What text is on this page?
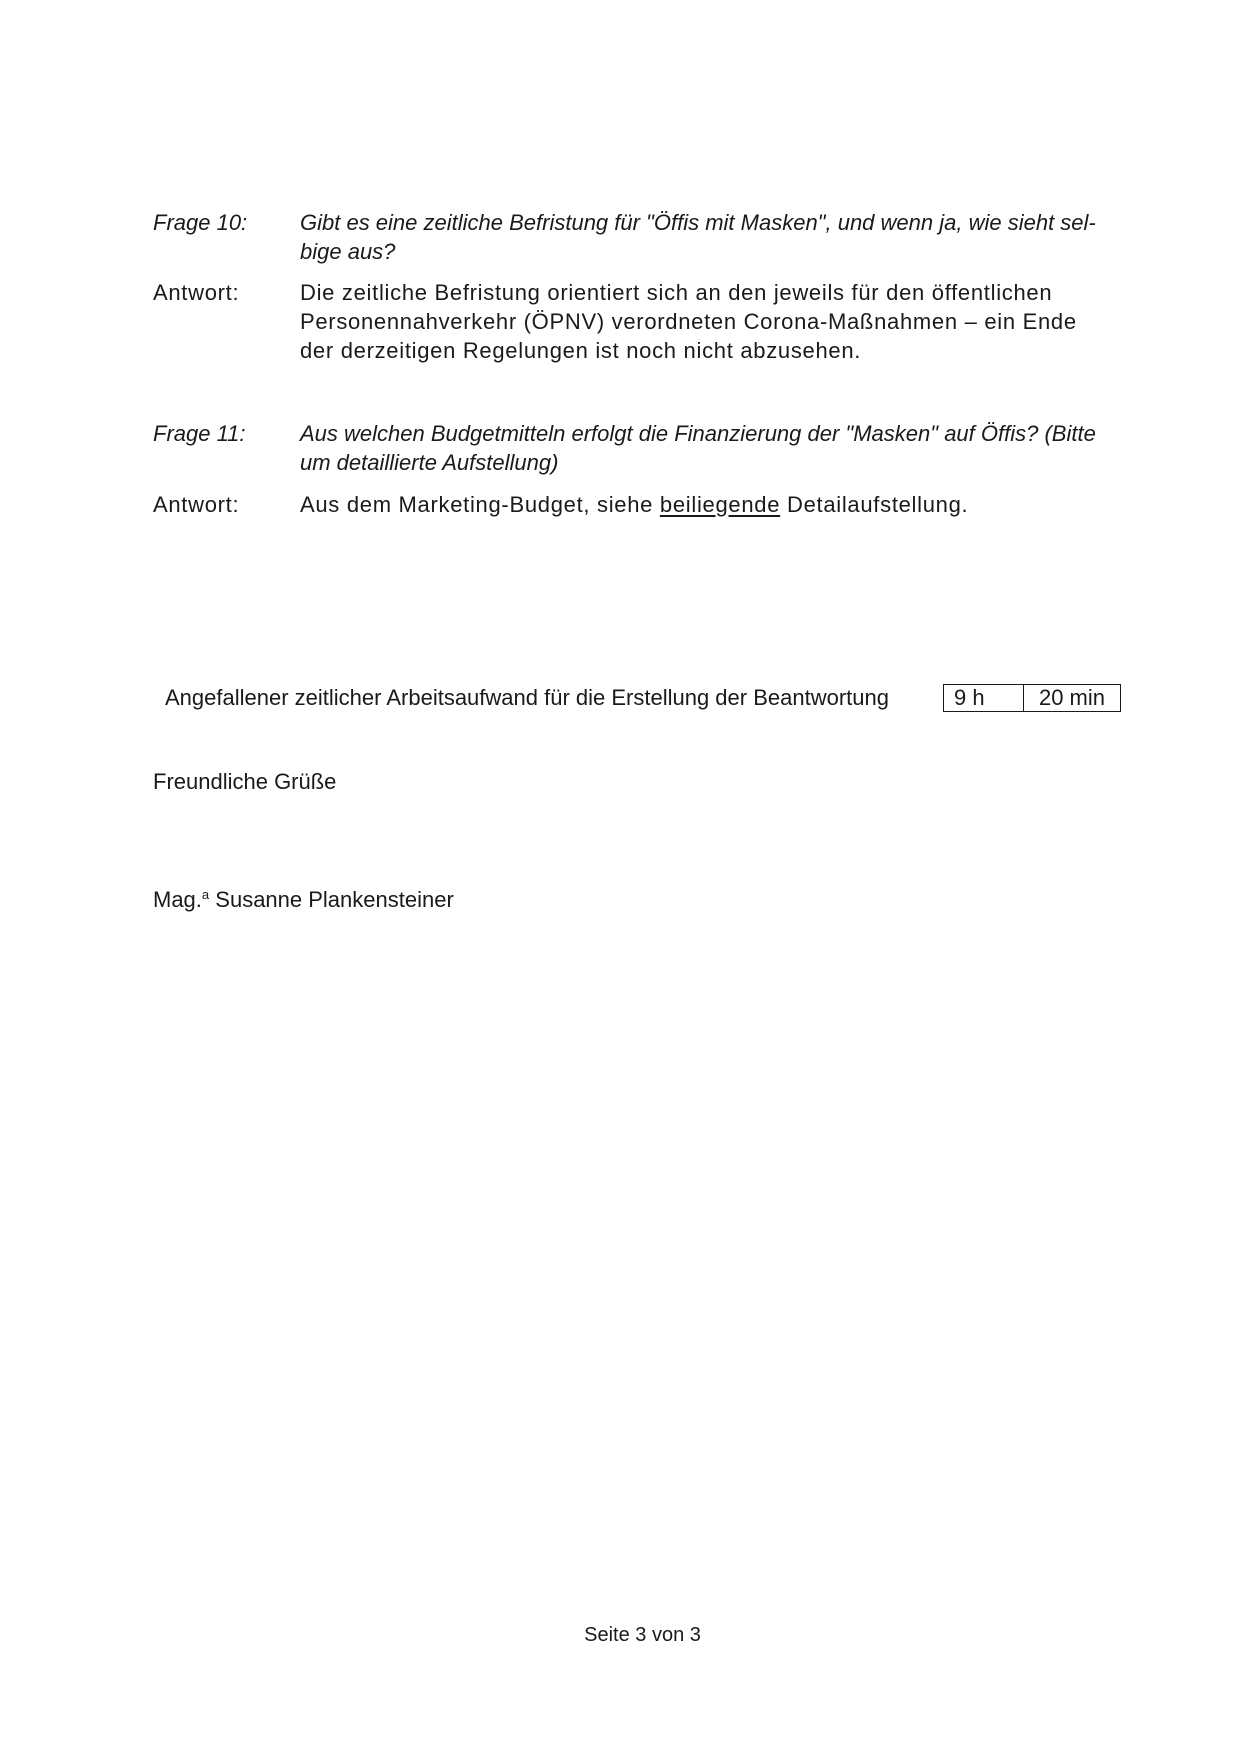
Frage 10:	Gibt es eine zeitliche Befristung für "Öffis mit Masken", und wenn ja, wie sieht sel-
bige aus?
Antwort:	Die zeitliche Befristung orientiert sich an den jeweils für den öffentlichen
Personennahverkehr (ÖPNV) verordneten Corona-Maßnahmen – ein Ende
der derzeitigen Regelungen ist noch nicht abzusehen.
Frage 11:	Aus welchen Budgetmitteln erfolgt die Finanzierung der "Masken" auf Öffis? (Bitte
um detaillierte Aufstellung)
Antwort:	Aus dem Marketing-Budget, siehe beiliegende Detailaufstellung.
Angefallener zeitlicher Arbeitsaufwand für die Erstellung der Beantwortung	9 h	20 min
Freundliche Grüße
Mag.$^a$ Susanne Plankensteiner
Seite 3 von 3
